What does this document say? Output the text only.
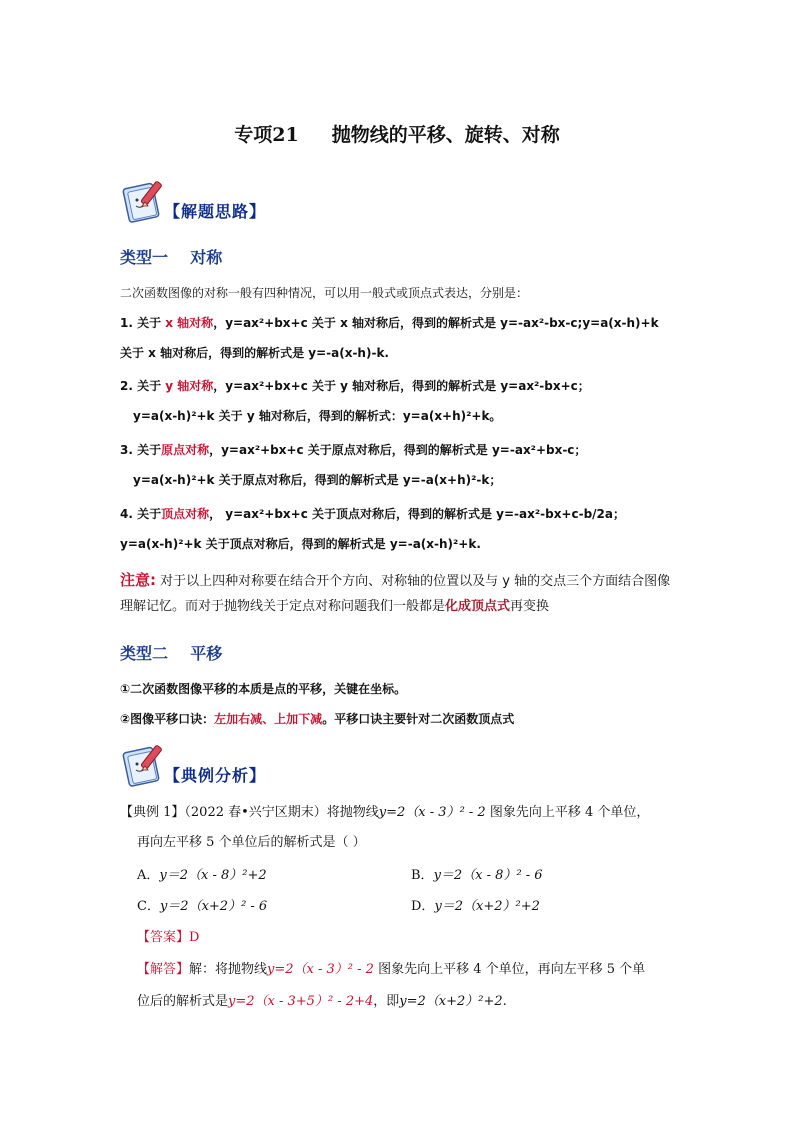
专项21     抛物线的平移、旋转、对称
【解题思路】
类型一    对称
二次函数图像的对称一般有四种情况，可以用一般式或顶点式表达，分别是：
1. 关于 x 轴对称，y=ax²+bx+c 关于 x 轴对称后，得到的解析式是 y=-ax²-bx-c;y=a(x-h)+k
关于 x 轴对称后，得到的解析式是 y=-a(x-h)-k.
2. 关于 y 轴对称，y=ax²+bx+c 关于 y 轴对称后，得到的解析式是 y=ax²-bx+c；
y=a(x-h)²+k 关于 y 轴对称后，得到的解析式：y=a(x+h)²+k。
3. 关于原点对称，y=ax²+bx+c 关于原点对称后，得到的解析式是 y=-ax²+bx-c；
y=a(x-h)²+k 关于原点对称后，得到的解析式是 y=-a(x+h)²-k；
4. 关于顶点对称， y=ax²+bx+c 关于顶点对称后，得到的解析式是 y=-ax²-bx+c-b/2a；
y=a(x-h)²+k 关于顶点对称后，得到的解析式是 y=-a(x-h)²+k.
注意: 对于以上四种对称要在结合开个方向、对称轴的位置以及与 y 轴的交点三个方面结合图像理解记忆。而对于抛物线关于定点对称问题我们一般都是化成顶点式再变换
类型二    平移
①二次函数图像平移的本质是点的平移，关键在坐标。
②图像平移口诀：左加右减、上加下减。平移口诀主要针对二次函数顶点式
【典例分析】
【典例 1】（2022 春•兴宁区期末）将抛物线y=2（x - 3）² - 2 图象先向上平移 4 个单位，
再向左平移 5 个单位后的解析式是（ ）
A．y＝2（x - 8）²+2	B．y＝2（x - 8）² - 6
C．y＝2（x+2）² - 6	D．y＝2（x+2）²+2
【答案】D
【解答】解：将抛物线y=2（x - 3）² - 2 图象先向上平移 4 个单位，再向左平移 5 个单
位后的解析式是y=2（x - 3+5）² - 2+4，即y=2（x+2）²+2.
